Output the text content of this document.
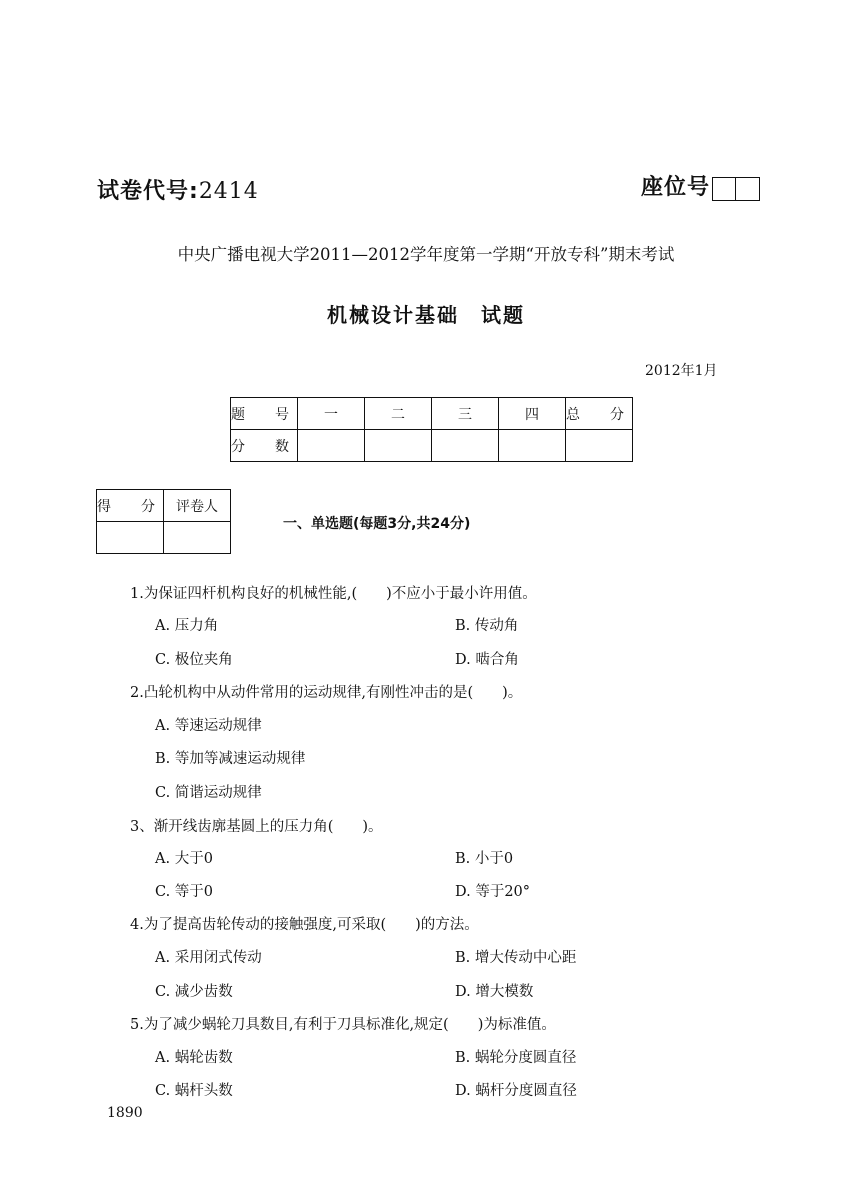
试卷代号:2414	座位号
中央广播电视大学2011—2012学年度第一学期“开放专科”期末考试
机械设计基础　试题
2012年1月
题　号	一	二	三	四	总　分
分　数					
得　分	评卷人

一、单选题(每题3分,共24分)
1.为保证四杆机构良好的机械性能,(　　)不应小于最小许用值。
A. 压力角	B. 传动角
C. 极位夹角	D. 啮合角
2.凸轮机构中从动件常用的运动规律,有刚性冲击的是(　　)。
A. 等速运动规律
B. 等加等减速运动规律
C. 简谐运动规律
3、渐开线齿廓基圆上的压力角(　　)。
A. 大于0	B. 小于0
C. 等于0	D. 等于20°
4.为了提高齿轮传动的接触强度,可采取(　　)的方法。
A. 采用闭式传动	B. 增大传动中心距
C. 减少齿数	D. 增大模数
5.为了减少蜗轮刀具数目,有利于刀具标准化,规定(　　)为标准值。
A. 蜗轮齿数	B. 蜗轮分度圆直径
C. 蜗杆头数	D. 蜗杆分度圆直径
1890
